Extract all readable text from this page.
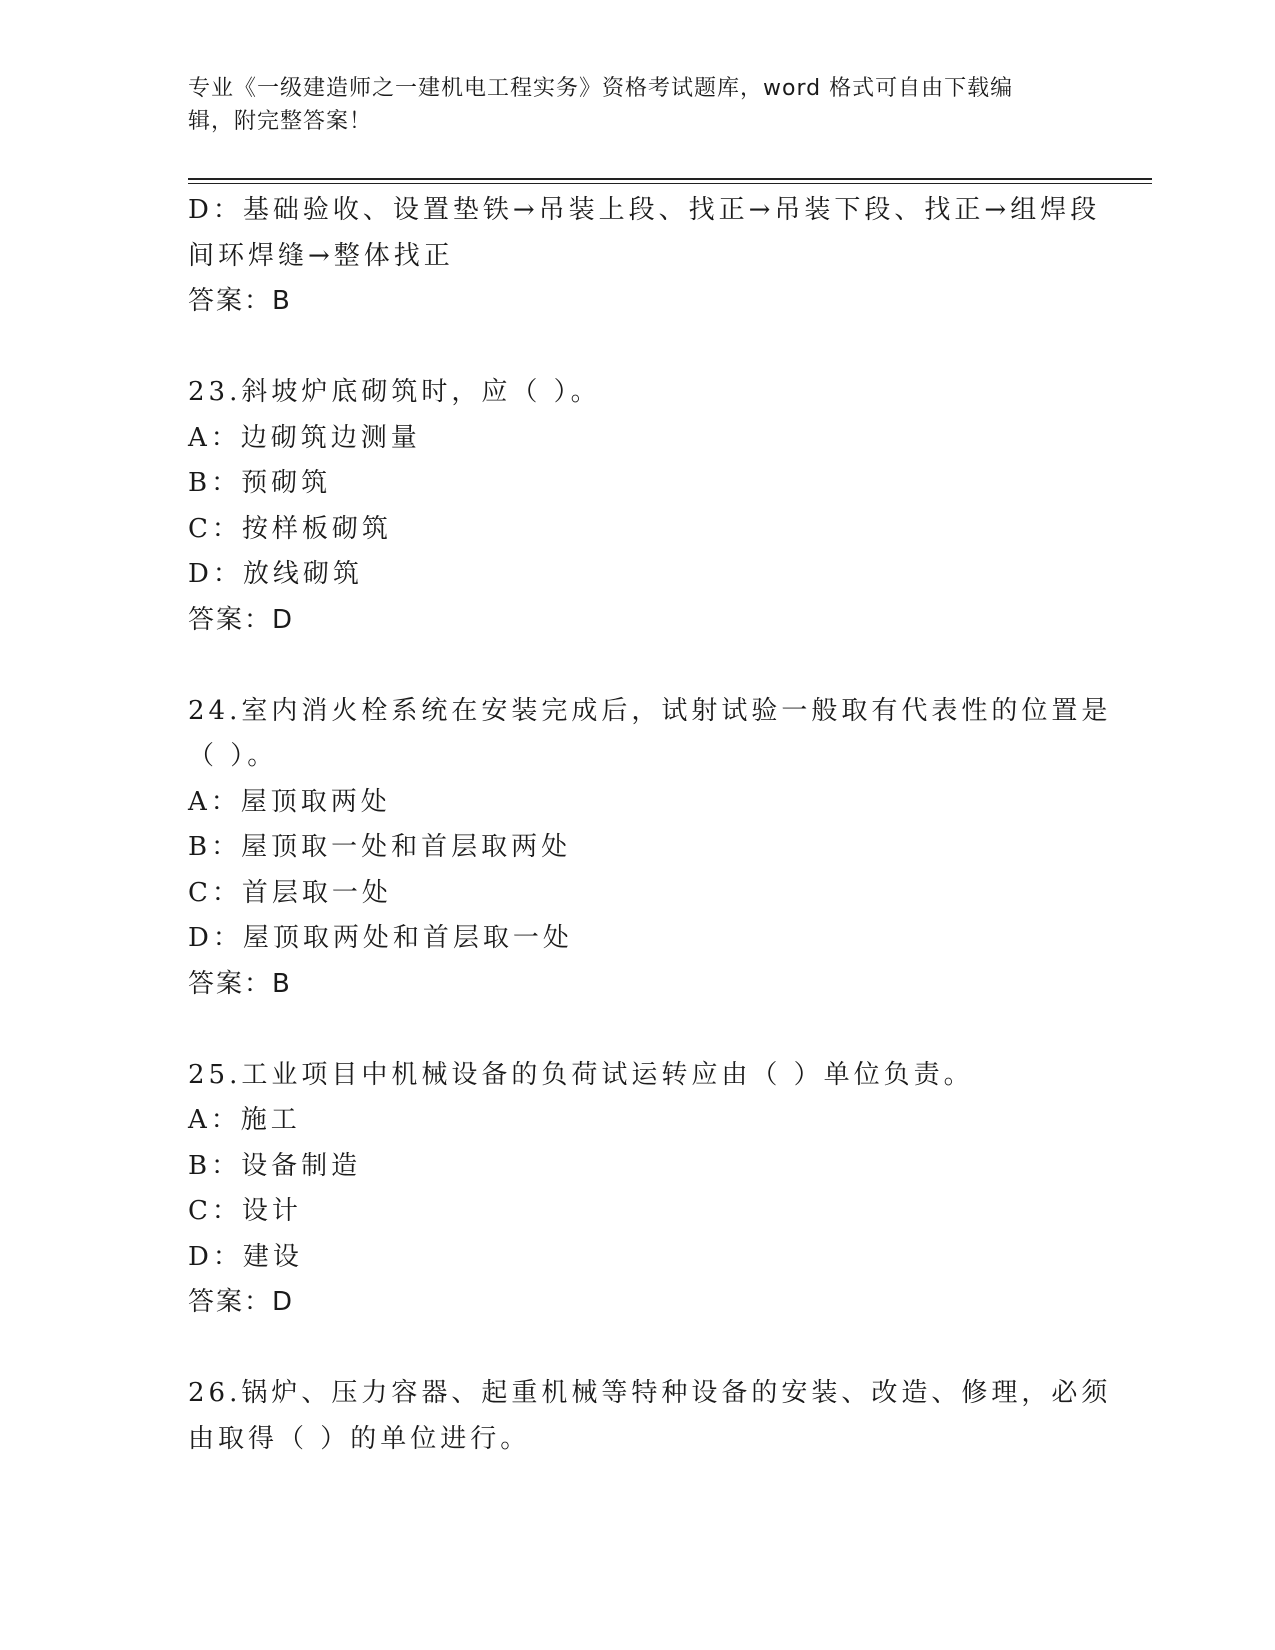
专业《一级建造师之一建机电工程实务》资格考试题库，word 格式可自由下载编
辑，附完整答案！
D：基础验收、设置垫铁→吊装上段、找正→吊装下段、找正→组焊段
间环焊缝→整体找正
答案：B
23.斜坡炉底砌筑时，应（ ）。
A：边砌筑边测量
B：预砌筑
C：按样板砌筑
D：放线砌筑
答案：D
24.室内消火栓系统在安装完成后，试射试验一般取有代表性的位置是
（ ）。
A：屋顶取两处
B：屋顶取一处和首层取两处
C：首层取一处
D：屋顶取两处和首层取一处
答案：B
25.工业项目中机械设备的负荷试运转应由（ ）单位负责。
A：施工
B：设备制造
C：设计
D：建设
答案：D
26.锅炉、压力容器、起重机械等特种设备的安装、改造、修理，必须
由取得（ ）的单位进行。
